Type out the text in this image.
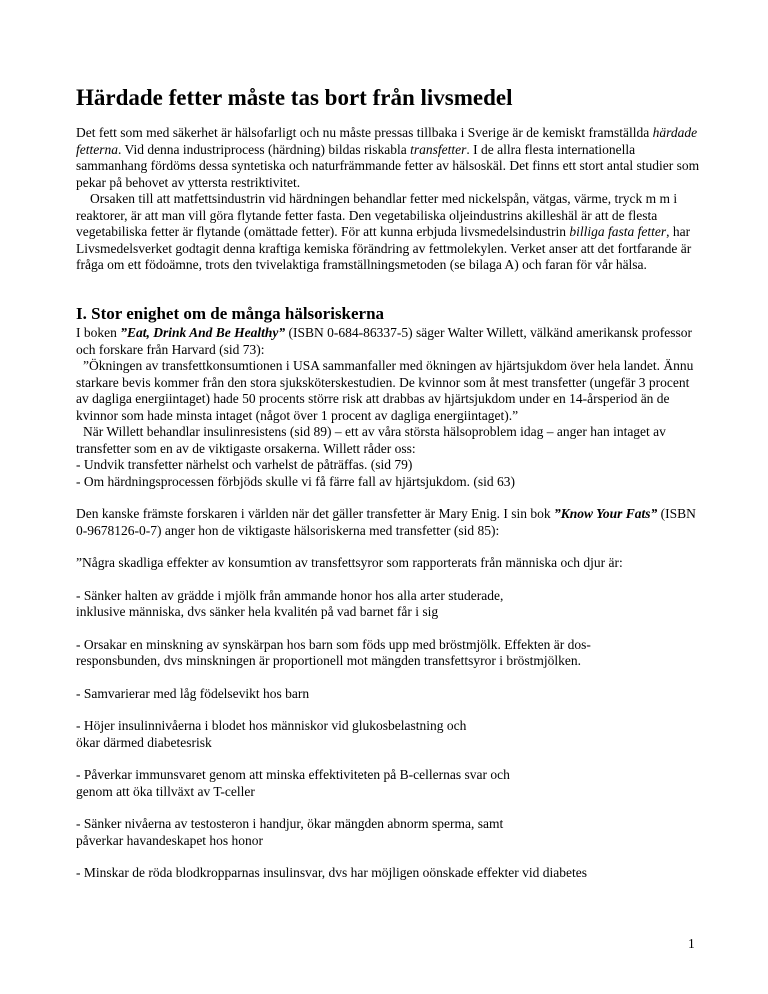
Härdade fetter måste tas bort från livsmedel

Det fett som med säkerhet är hälsofarligt och nu måste pressas tillbaka i Sverige är de kemiskt framställda härdade fetterna. Vid denna industriprocess (härdning) bildas riskabla transfetter. I de allra flesta internationella sammanhang fördöms dessa syntetiska och naturfrämmande fetter av hälsoskäl. Det finns ett stort antal studier som pekar på behovet av yttersta restriktivitet.

Orsaken till att matfettsindustrin vid härdningen behandlar fetter med nickelspån, vätgas, värme, tryck m m i reaktorer, är att man vill göra flytande fetter fasta. Den vegetabiliska oljeindustrins akilleshäl är att de flesta vegetabiliska fetter är flytande (omättade fetter). För att kunna erbjuda livsmedelsindustrin billiga fasta fetter, har Livsmedelsverket godtagit denna kraftiga kemiska förändring av fettmolekylen. Verket anser att det fortfarande är fråga om ett födoämne, trots den tvivelaktiga framställningsmetoden (se bilaga A) och faran för vår hälsa.

I. Stor enighet om de många hälsoriskerna

I boken ”Eat, Drink And Be Healthy” (ISBN 0-684-86337-5) säger Walter Willett, välkänd amerikansk professor och forskare från Harvard (sid 73):

”Ökningen av transfettkonsumtionen i USA sammanfaller med ökningen av hjärtsjukdom över hela landet. Ännu starkare bevis kommer från den stora sjuksköterskestudien. De kvinnor som åt mest transfetter (ungefär 3 procent av dagliga energiintaget) hade 50 procents större risk att drabbas av hjärtsjukdom under en 14-årsperiod än de kvinnor som hade minsta intaget (något över 1 procent av dagliga energiintaget).”

När Willett behandlar insulinresistens (sid 89) – ett av våra största hälsoproblem idag – anger han intaget av transfetter som en av de viktigaste orsakerna. Willett råder oss:

- Undvik transfetter närhelst och varhelst de påträffas. (sid 79)

- Om härdningsprocessen förbjöds skulle vi få färre fall av hjärtsjukdom. (sid 63)

Den kanske främste forskaren i världen när det gäller transfetter är Mary Enig. I sin bok ”Know Your Fats” (ISBN 0-9678126-0-7) anger hon de viktigaste hälsoriskerna med transfetter (sid 85):

”Några skadliga effekter av konsumtion av transfettsyror som rapporterats från människa och djur är:

- Sänker halten av grädde i mjölk från ammande honor hos alla arter studerade,

inklusive människa, dvs sänker hela kvalitén på vad barnet får i sig

- Orsakar en minskning av synskärpan hos barn som föds upp med bröstmjölk. Effekten är dos-

responsbunden, dvs minskningen är proportionell mot mängden transfettsyror i bröstmjölken.

- Samvarierar med låg födelsevikt hos barn

- Höjer insulinnivåerna i blodet hos människor vid glukosbelastning och

ökar därmed diabetesrisk

- Påverkar immunsvaret genom att minska effektiviteten på B-cellernas svar och

genom att öka tillväxt av T-celler

- Sänker nivåerna av testosteron i handjur, ökar mängden abnorm sperma, samt

påverkar havandeskapet hos honor

- Minskar de röda blodkropparnas insulinsvar, dvs har möjligen oönskade effekter vid diabetes

1
